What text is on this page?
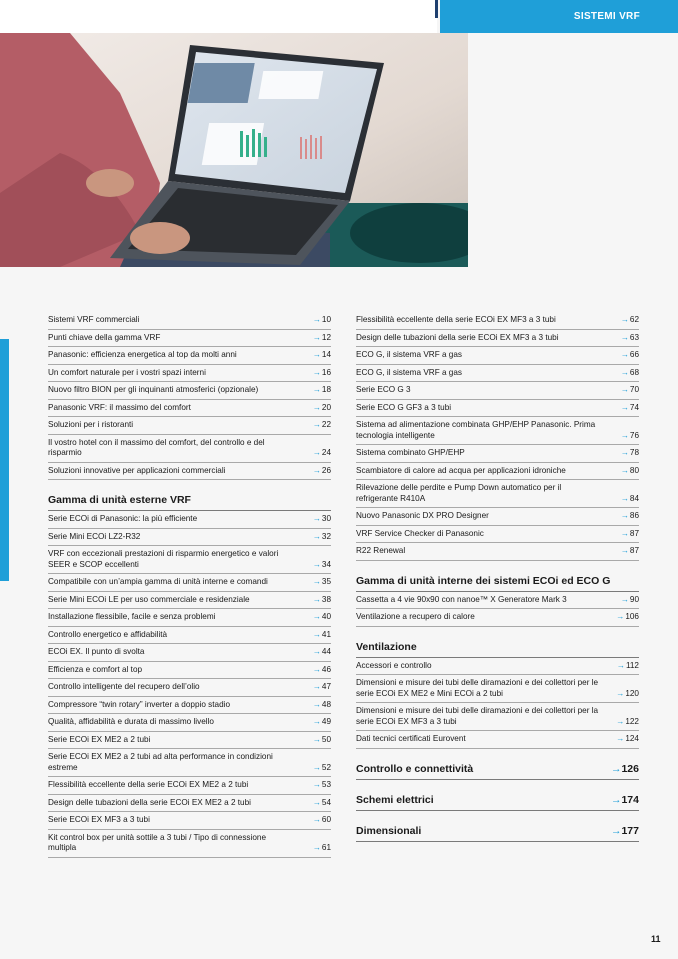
SISTEMI VRF
Sistemi VRF commerciali	→10
Punti chiave della gamma VRF	→12
Panasonic: efficienza energetica al top da molti anni	→14
Un comfort naturale per i vostri spazi interni	→16
Nuovo filtro BION per gli inquinanti atmosferici (opzionale)	→18
Panasonic VRF: il massimo del comfort	→20
Soluzioni per i ristoranti	→22
Il vostro hotel con il massimo del comfort, del controllo e del risparmio	→24
Soluzioni innovative per applicazioni commerciali	→26
Gamma di unità esterne VRF
Serie ECOi di Panasonic: la più efficiente	→30
Serie Mini ECOi LZ2-R32	→32
VRF con eccezionali prestazioni di risparmio energetico e valori SEER e SCOP eccellenti	→34
Compatibile con un’ampia gamma di unità interne e comandi	→35
Serie Mini ECOi LE per uso commerciale e residenziale	→38
Installazione flessibile, facile e senza problemi	→40
Controllo energetico e affidabilità	→41
ECOi EX. Il punto di svolta	→44
Efficienza e comfort al top	→46
Controllo intelligente del recupero dell’olio	→47
Compressore “twin rotary” inverter a doppio stadio	→48
Qualità, affidabilità e durata di massimo livello	→49
Serie ECOi EX ME2 a 2 tubi	→50
Serie ECOi EX ME2 a 2 tubi ad alta performance in condizioni estreme	→52
Flessibilità eccellente della serie ECOi EX ME2 a 2 tubi	→53
Design delle tubazioni della serie ECOi EX ME2 a 2 tubi	→54
Serie ECOi EX MF3 a 3 tubi	→60
Kit control box per unità sottile a 3 tubi / Tipo di connessione multipla	→61
Flessibilità eccellente della serie ECOi EX MF3 a 3 tubi	→62
Design delle tubazioni della serie ECOi EX MF3 a 3 tubi	→63
ECO G, il sistema VRF a gas	→66
ECO G, il sistema VRF a gas	→68
Serie ECO G 3	→70
Serie ECO G GF3 a 3 tubi	→74
Sistema ad alimentazione combinata GHP/EHP Panasonic. Prima tecnologia intelligente	→76
Sistema combinato GHP/EHP	→78
Scambiatore di calore ad acqua per applicazioni idroniche	→80
Rilevazione delle perdite e Pump Down automatico per il refrigerante R410A	→84
Nuovo Panasonic DX PRO Designer	→86
VRF Service Checker di Panasonic	→87
R22 Renewal	→87
Gamma di unità interne dei sistemi ECOi ed ECO G
Cassetta a 4 vie 90x90 con nanoe™ X Generatore Mark 3	→90
Ventilazione a recupero di calore	→106
Ventilazione
Accessori e controllo	→112
Dimensioni e misure dei tubi delle diramazioni e dei collettori per le serie ECOi EX ME2 e Mini ECOi a 2 tubi	→120
Dimensioni e misure dei tubi delle diramazioni e dei collettori per la serie ECOi EX MF3 a 3 tubi	→122
Dati tecnici certificati Eurovent	→124
Controllo e connettività	→126
Schemi elettrici	→174
Dimensionali	→177
11
